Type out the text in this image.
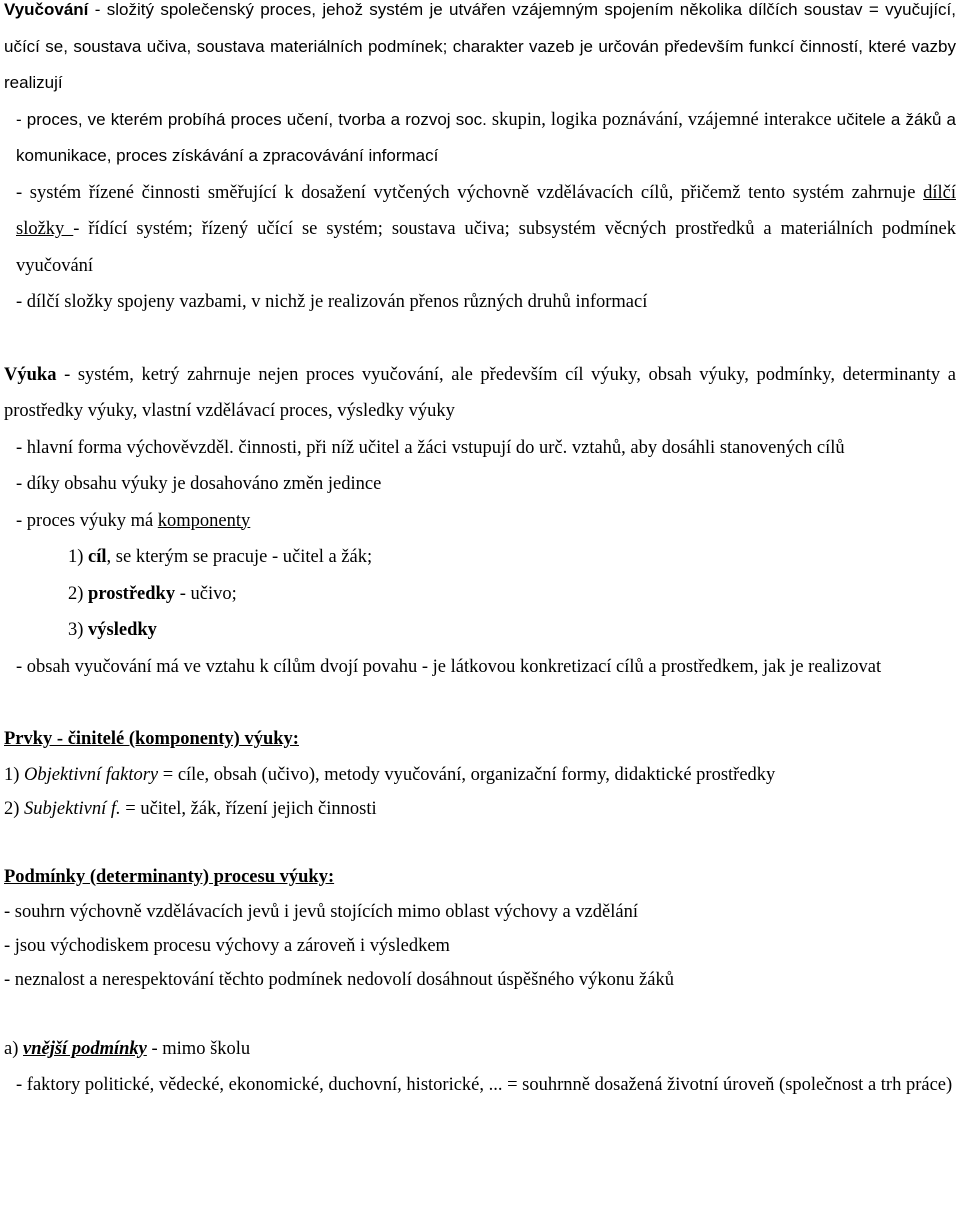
Vyučování - složitý společenský proces, jehož systém je utvářen vzájemným spojením několika dílčích soustav = vyučující, učící se, soustava učiva, soustava materiálních podmínek; charakter vazeb je určován především funkcí činností, které vazby realizují

- proces, ve kterém probíhá proces učení, tvorba a rozvoj soc. skupin, logika poznávání, vzájemné interakce učitele a žáků a komunikace, proces získávání a zpracovávání informací

- systém řízené činnosti směřující k dosažení vytčených výchovně vzdělávacích cílů, přičemž tento systém zahrnuje dílčí složky - řídící systém; řízený učící se systém; soustava učiva; subsystém věcných prostředků a materiálních podmínek vyučování

- dílčí složky spojeny vazbami, v nichž je realizován přenos různých druhů informací

Výuka - systém, ketrý zahrnuje nejen proces vyučování, ale především cíl výuky, obsah výuky, podmínky, determinanty a prostředky výuky, vlastní vzdělávací proces, výsledky výuky

- hlavní forma výchověvzděl. činnosti, při níž učitel a žáci vstupují do urč. vztahů, aby dosáhli stanovených cílů

- díky obsahu výuky je dosahováno změn jedince

- proces výuky má komponenty

1) cíl, se kterým se pracuje - učitel a žák;

2) prostředky - učivo;

3) výsledky

- obsah vyučování má ve vztahu k cílům dvojí povahu - je látkovou konkretizací cílů a prostředkem, jak je realizovat

Prvky - činitelé (komponenty) výuky:

1) Objektivní faktory = cíle, obsah (učivo), metody vyučování, organizační formy, didaktické prostředky

2) Subjektivní f. = učitel, žák, řízení jejich činnosti

Podmínky (determinanty) procesu výuky:

- souhrn výchovně vzdělávacích jevů i jevů stojících mimo oblast výchovy a vzdělání

- jsou východiskem procesu výchovy a zároveň i výsledkem

- neznalost a nerespektování těchto podmínek nedovolí dosáhnout úspěšného výkonu žáků

a) vnější podmínky - mimo školu

- faktory politické, vědecké, ekonomické, duchovní, historické, ... = souhrnně dosažená životní úroveň (společnost a trh práce)
